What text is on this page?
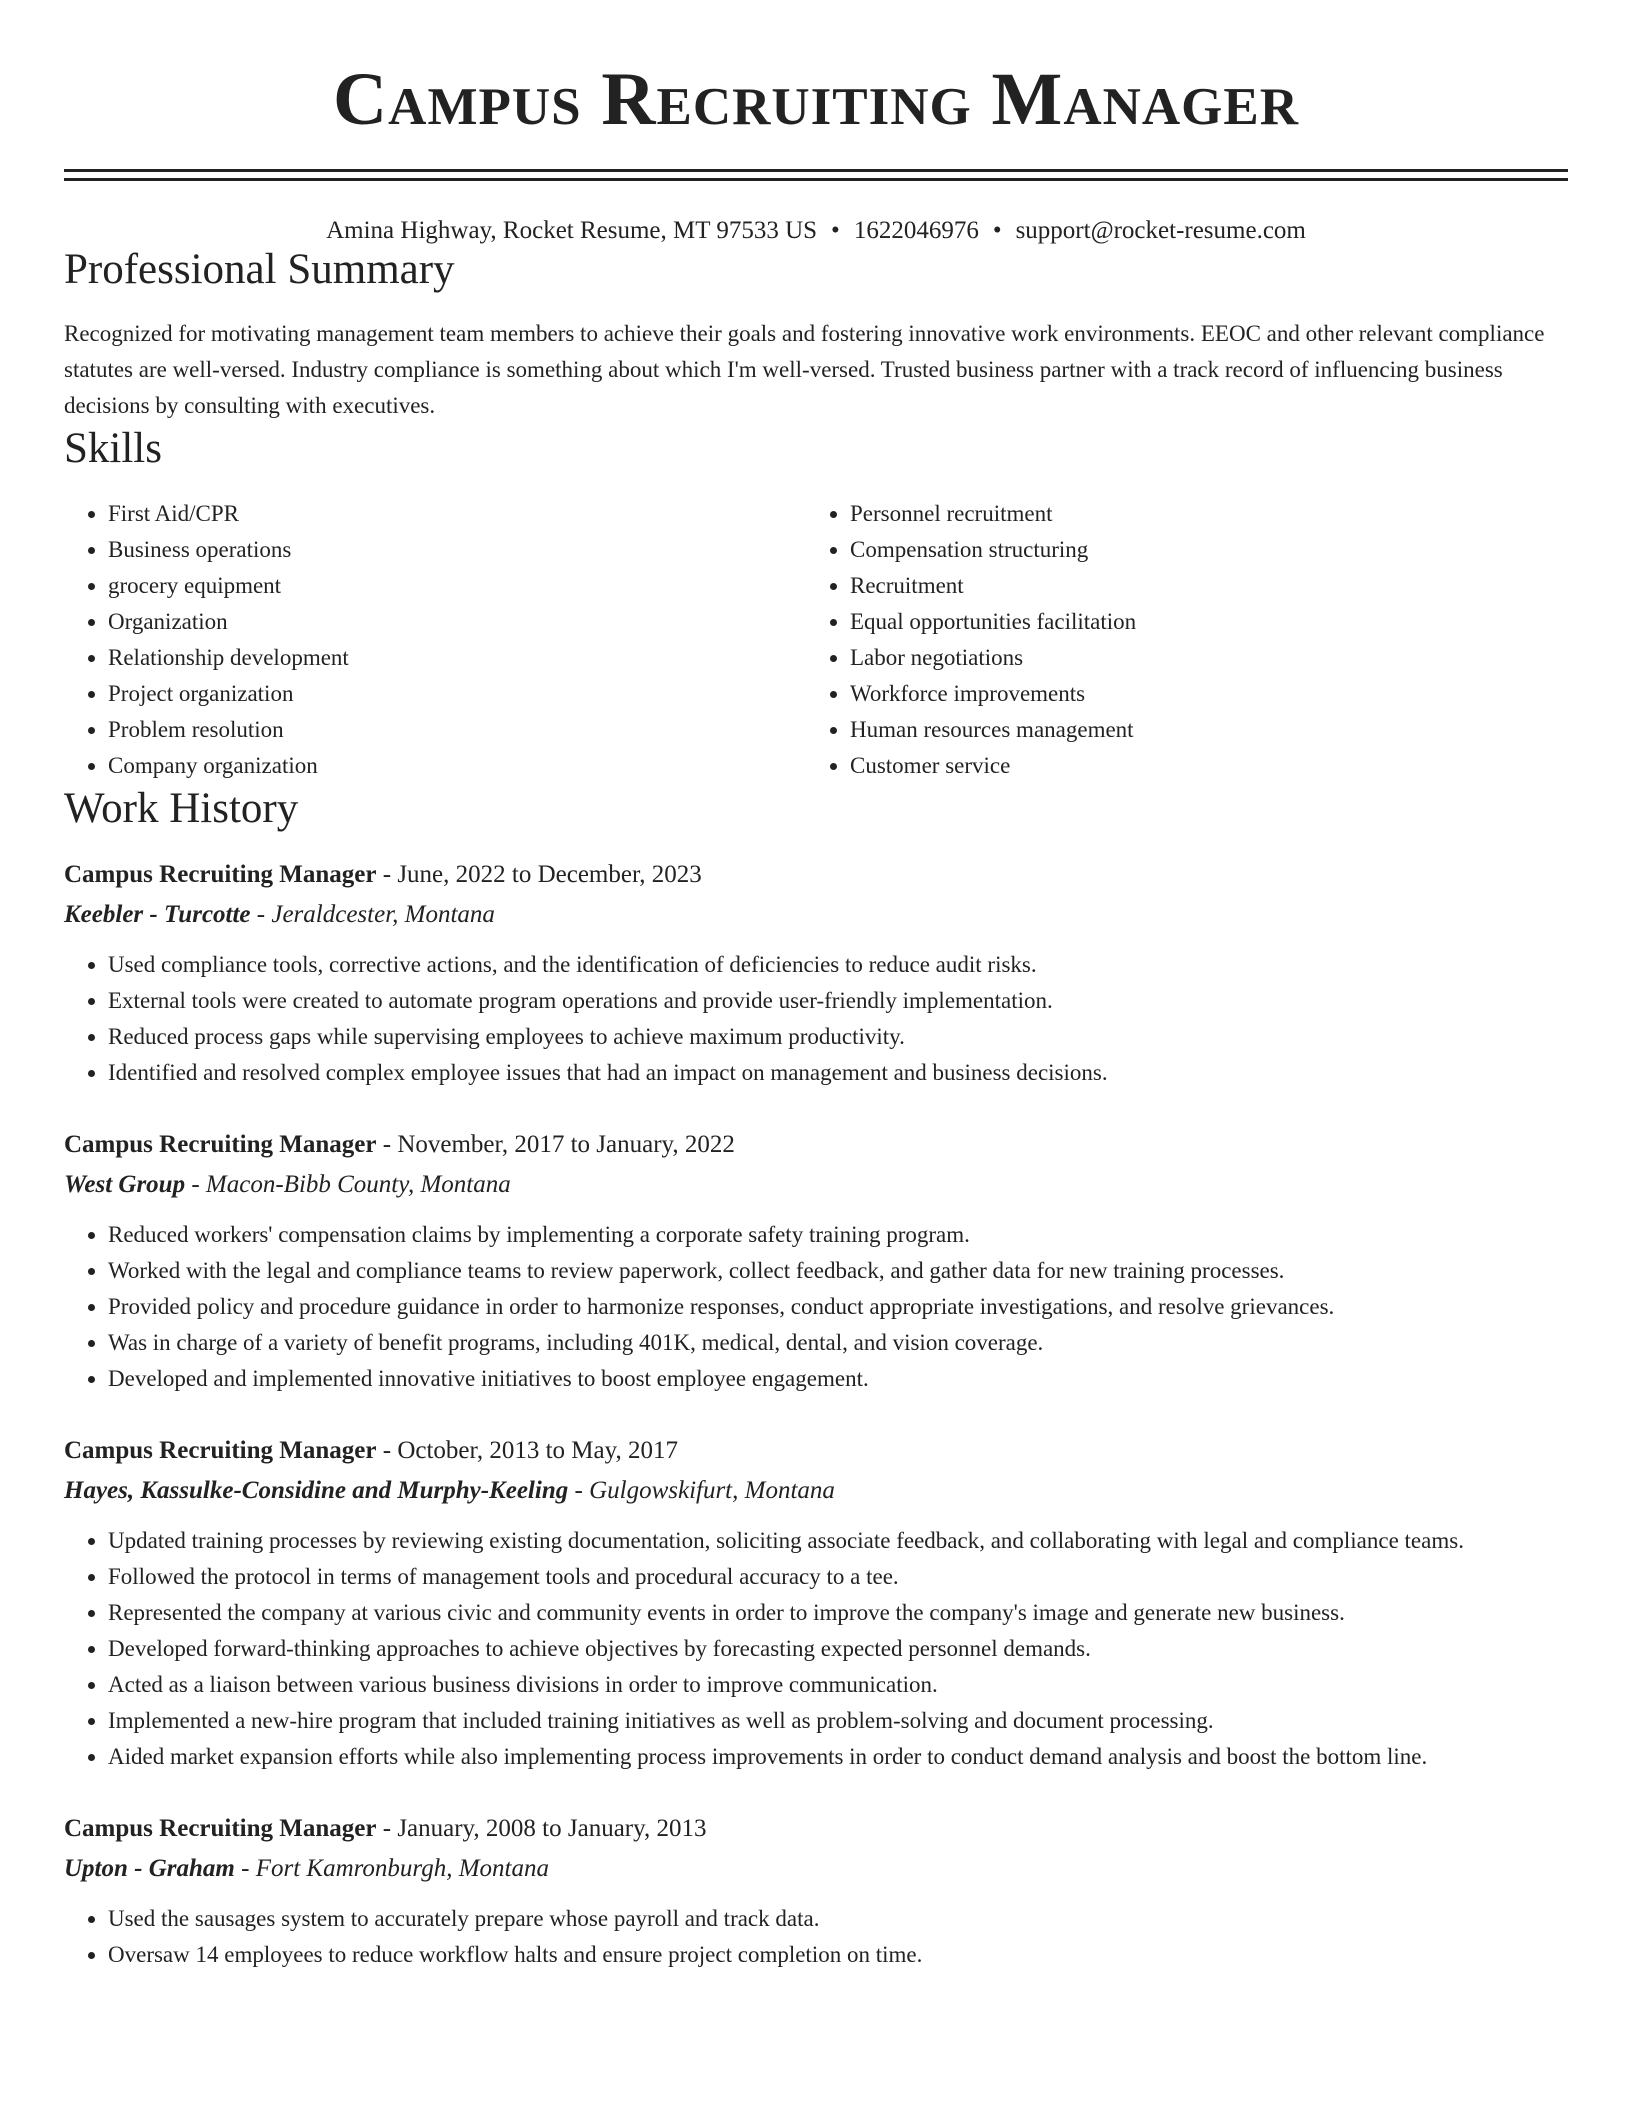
Campus Recruiting Manager
Amina Highway, Rocket Resume, MT 97533 US • 1622046976 • support@rocket-resume.com
Professional Summary

Recognized for motivating management team members to achieve their goals and fostering innovative work environments. EEOC and other relevant compliance statutes are well-versed. Industry compliance is something about which I'm well-versed. Trusted business partner with a track record of influencing business decisions by consulting with executives.

Skills
• First Aid/CPR
• Business operations
• grocery equipment
• Organization
• Relationship development
• Project organization
• Problem resolution
• Company organization
• Personnel recruitment
• Compensation structuring
• Recruitment
• Equal opportunities facilitation
• Labor negotiations
• Workforce improvements
• Human resources management
• Customer service
Work History
Campus Recruiting Manager - June, 2022 to December, 2023
Keebler - Turcotte - Jeraldcester, Montana
• Used compliance tools, corrective actions, and the identification of deficiencies to reduce audit risks.
• External tools were created to automate program operations and provide user-friendly implementation.
• Reduced process gaps while supervising employees to achieve maximum productivity.
• Identified and resolved complex employee issues that had an impact on management and business decisions.
Campus Recruiting Manager - November, 2017 to January, 2022
West Group - Macon-Bibb County, Montana
• Reduced workers' compensation claims by implementing a corporate safety training program.
• Worked with the legal and compliance teams to review paperwork, collect feedback, and gather data for new training processes.
• Provided policy and procedure guidance in order to harmonize responses, conduct appropriate investigations, and resolve grievances.
• Was in charge of a variety of benefit programs, including 401K, medical, dental, and vision coverage.
• Developed and implemented innovative initiatives to boost employee engagement.
Campus Recruiting Manager - October, 2013 to May, 2017
Hayes, Kassulke-Considine and Murphy-Keeling - Gulgowskifurt, Montana
• Updated training processes by reviewing existing documentation, soliciting associate feedback, and collaborating with legal and compliance teams.
• Followed the protocol in terms of management tools and procedural accuracy to a tee.
• Represented the company at various civic and community events in order to improve the company's image and generate new business.
• Developed forward-thinking approaches to achieve objectives by forecasting expected personnel demands.
• Acted as a liaison between various business divisions in order to improve communication.
• Implemented a new-hire program that included training initiatives as well as problem-solving and document processing.
• Aided market expansion efforts while also implementing process improvements in order to conduct demand analysis and boost the bottom line.
Campus Recruiting Manager - January, 2008 to January, 2013
Upton - Graham - Fort Kamronburgh, Montana
• Used the sausages system to accurately prepare whose payroll and track data.
• Oversaw 14 employees to reduce workflow halts and ensure project completion on time.
